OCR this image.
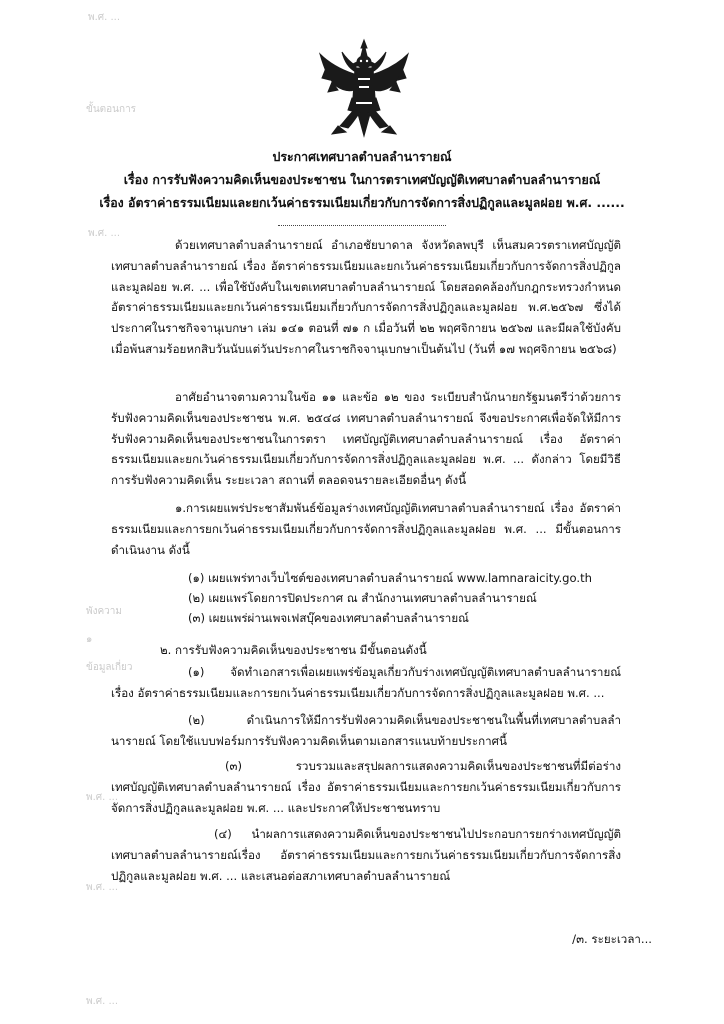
พ.ศ. ...
ขั้นตอนการ
พ.ศ. ...
พังความ
๑
ข้อมูลเกี่ยว
พ.ศ. ...
พ.ศ. ...
พ.ศ. ...
ประกาศเทศบาลตำบลลำนารายณ์
เรื่อง การรับฟังความคิดเห็นของประชาชน ในการตราเทศบัญญัติเทศบาลตำบลลำนารายณ์
เรื่อง อัตราค่าธรรมเนียมและยกเว้นค่าธรรมเนียมเกี่ยวกับการจัดการสิ่งปฏิกูลและมูลฝอย พ.ศ. ......
ด้วยเทศบาลตำบลลำนารายณ์ อำเภอชัยบาดาล จังหวัดลพบุรี เห็นสมควรตราเทศบัญญัติเทศบาลตำบลลำนารายณ์ เรื่อง อัตราค่าธรรมเนียมและยกเว้นค่าธรรมเนียมเกี่ยวกับการจัดการสิ่งปฏิกูลและมูลฝอย พ.ศ. ... เพื่อใช้บังคับในเขตเทศบาลตำบลลำนารายณ์ โดยสอดคล้องกับกฎกระทรวงกำหนดอัตราค่าธรรมเนียมและยกเว้นค่าธรรมเนียมเกี่ยวกับการจัดการสิ่งปฏิกูลและมูลฝอย พ.ศ.๒๕๖๗ ซึ่งได้ประกาศในราชกิจจานุเบกษา เล่ม ๑๔๑ ตอนที่ ๗๑ ก เมื่อวันที่ ๒๒ พฤศจิกายน ๒๕๖๗ และมีผลใช้บังคับเมื่อพ้นสามร้อยหกสิบวันนับแต่วันประกาศในราชกิจจานุเบกษาเป็นต้นไป (วันที่ ๑๗ พฤศจิกายน ๒๕๖๘)
อาศัยอำนาจตามความในข้อ ๑๑ และข้อ ๑๒ ของ ระเบียบสำนักนายกรัฐมนตรีว่าด้วยการรับฟังความคิดเห็นของประชาชน พ.ศ. ๒๕๔๘ เทศบาลตำบลลำนารายณ์ จึงขอประกาศเพื่อจัดให้มีการรับฟังความคิดเห็นของประชาชนในการตรา เทศบัญญัติเทศบาลตำบลลำนารายณ์ เรื่อง อัตราค่าธรรมเนียมและยกเว้นค่าธรรมเนียมเกี่ยวกับการจัดการสิ่งปฏิกูลและมูลฝอย พ.ศ. ... ดังกล่าว โดยมีวิธีการรับฟังความคิดเห็น ระยะเวลา สถานที่ ตลอดจนรายละเอียดอื่นๆ ดังนี้
๑.การเผยแพร่ประชาสัมพันธ์ข้อมูลร่างเทศบัญญัติเทศบาลตำบลลำนารายณ์ เรื่อง อัตราค่าธรรมเนียมและการยกเว้นค่าธรรมเนียมเกี่ยวกับการจัดการสิ่งปฏิกูลและมูลฝอย พ.ศ. ... มีขั้นตอนการดำเนินงาน ดังนี้
(๑) เผยแพร่ทางเว็บไซต์ของเทศบาลตำบลลำนารายณ์ www.lamnaraicity.go.th
(๒) เผยแพร่โดยการปิดประกาศ ณ สำนักงานเทศบาลตำบลลำนารายณ์
(๓) เผยแพร่ผ่านเพจเฟสบุ๊คของเทศบาลตำบลลำนารายณ์
๒. การรับฟังความคิดเห็นของประชาชน มีขั้นตอนดังนี้
(๑) จัดทำเอกสารเพื่อเผยแพร่ข้อมูลเกี่ยวกับร่างเทศบัญญัติเทศบาลตำบลลำนารายณ์ เรื่อง อัตราค่าธรรมเนียมและการยกเว้นค่าธรรมเนียมเกี่ยวกับการจัดการสิ่งปฏิกูลและมูลฝอย พ.ศ. ...
(๒) ดำเนินการให้มีการรับฟังความคิดเห็นของประชาชนในพื้นที่เทศบาลตำบลลำนารายณ์ โดยใช้แบบฟอร์มการรับฟังความคิดเห็นตามเอกสารแนบท้ายประกาศนี้
(๓) รวบรวมและสรุปผลการแสดงความคิดเห็นของประชาชนที่มีต่อร่างเทศบัญญัติเทศบาลตำบลลำนารายณ์ เรื่อง อัตราค่าธรรมเนียมและการยกเว้นค่าธรรมเนียมเกี่ยวกับการจัดการสิ่งปฏิกูลและมูลฝอย พ.ศ. ... และประกาศให้ประชาชนทราบ
(๔) นำผลการแสดงความคิดเห็นของประชาชนไปประกอบการยกร่างเทศบัญญัติเทศบาลตำบลลำนารายณ์เรื่อง อัตราค่าธรรมเนียมและการยกเว้นค่าธรรมเนียมเกี่ยวกับการจัดการสิ่งปฏิกูลและมูลฝอย พ.ศ. ... และเสนอต่อสภาเทศบาลตำบลลำนารายณ์
/๓. ระยะเวลา...
